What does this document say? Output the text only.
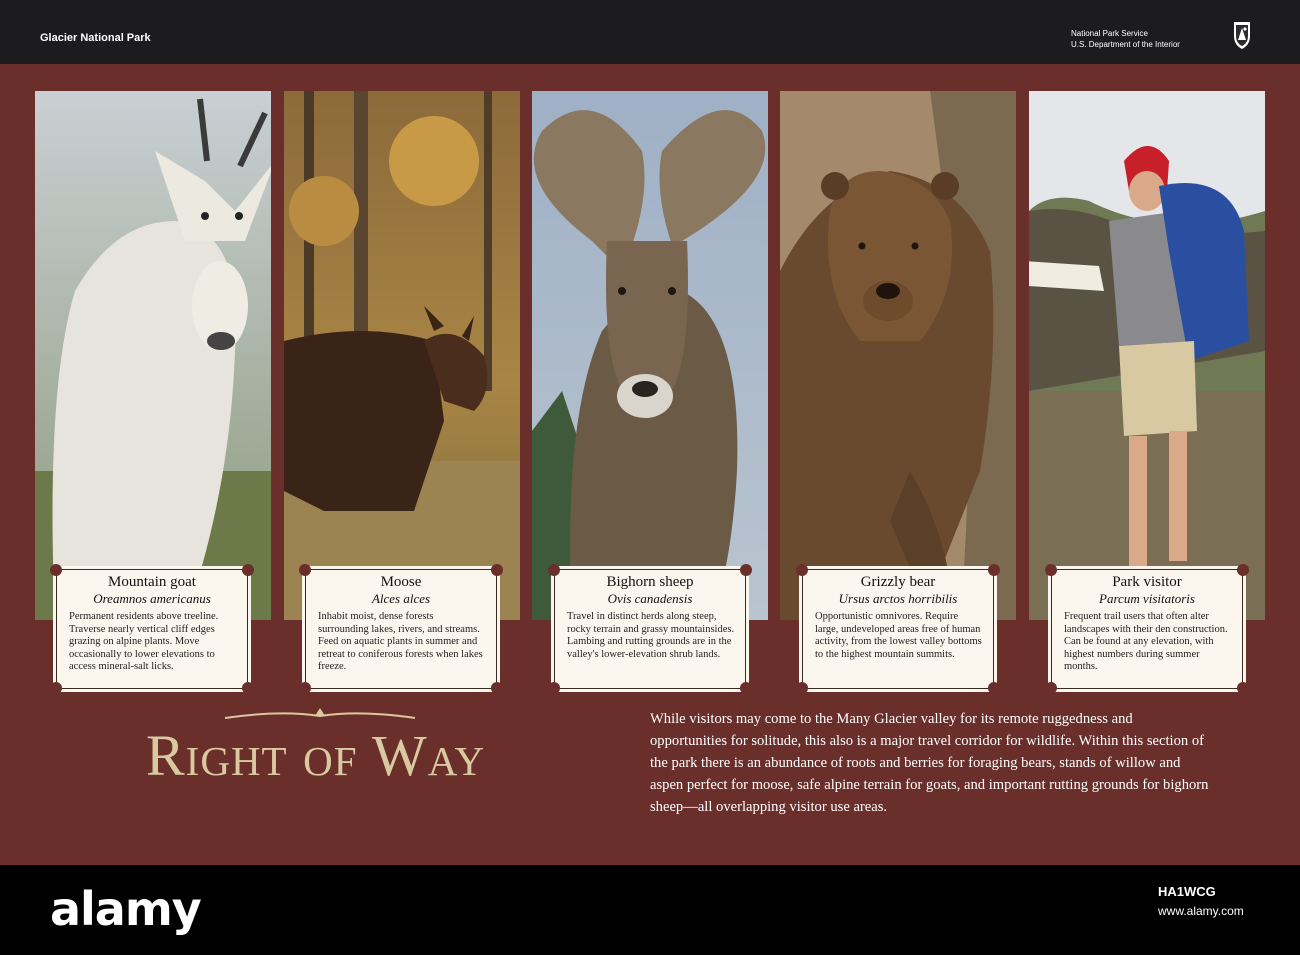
Glacier National Park	National Park Service
U.S. Department of the Interior
Mountain goat
Oreamnos americanus
Permanent residents above treeline. Traverse nearly vertical cliff edges grazing on alpine plants. Move occasionally to lower elevations to access mineral-salt licks.
Moose
Alces alces
Inhabit moist, dense forests surrounding lakes, rivers, and streams. Feed on aquatic plants in summer and retreat to coniferous forests when lakes freeze.
Bighorn sheep
Ovis canadensis
Travel in distinct herds along steep, rocky terrain and grassy mountainsides. Lambing and rutting grounds are in the valley's lower-elevation shrub lands.
Grizzly bear
Ursus arctos horribilis
Opportunistic omnivores. Require large, undeveloped areas free of human activity, from the lowest valley bottoms to the highest mountain summits.
Park visitor
Parcum visitatoris
Frequent trail users that often alter landscapes with their den construction. Can be found at any elevation, with highest numbers during summer months.
Right of Way
While visitors may come to the Many Glacier valley for its remote ruggedness and opportunities for solitude, this also is a major travel corridor for wildlife. Within this section of the park there is an abundance of roots and berries for foraging bears, stands of willow and aspen perfect for moose, safe alpine terrain for goats, and important rutting grounds for bighorn sheep—all overlapping visitor use areas.
alamy	HA1WCG
www.alamy.com
